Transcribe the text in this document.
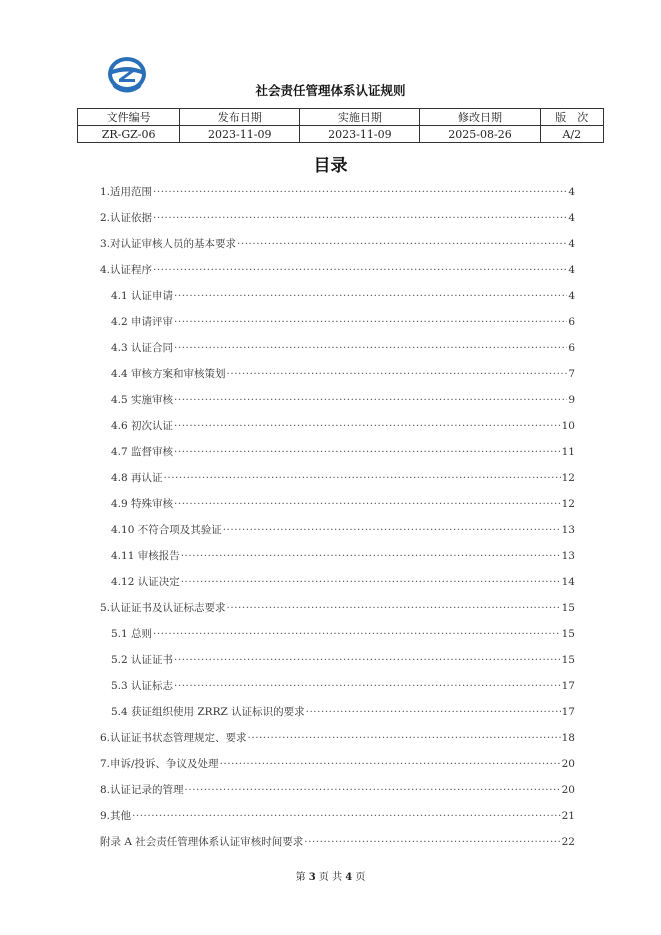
社会责任管理体系认证规则
文件编号	发布日期	实施日期	修改日期	版　次
ZR-GZ-06	2023-11-09	2023-11-09	2025-08-26	A/2
目录
1.适用范围 ·····	4
2.认证依据 ·····	4
3.对认证审核人员的基本要求 ·····	4
4.认证程序 ·····	4
4.1 认证申请 ·····	4
4.2 申请评审 ·····	6
4.3 认证合同 ·····	6
4.4 审核方案和审核策划 ·····	7
4.5 实施审核 ·····	9
4.6 初次认证 ·····	10
4.7 监督审核 ·····	11
4.8 再认证 ·····	12
4.9 特殊审核 ·····	12
4.10 不符合项及其验证 ·····	13
4.11 审核报告 ·····	13
4.12 认证决定 ·····	14
5.认证证书及认证标志要求 ·····	15
5.1 总则 ·····	15
5.2 认证证书 ·····	15
5.3 认证标志 ·····	17
5.4 获证组织使用 ZRRZ 认证标识的要求 ·····	17
6.认证证书状态管理规定、要求 ·····	18
7.申诉/投诉、争议及处理 ·····	20
8.认证记录的管理 ·····	20
9.其他 ·····	21
附录 A 社会责任管理体系认证审核时间要求 ·····	22
第 3 页 共 4 页
